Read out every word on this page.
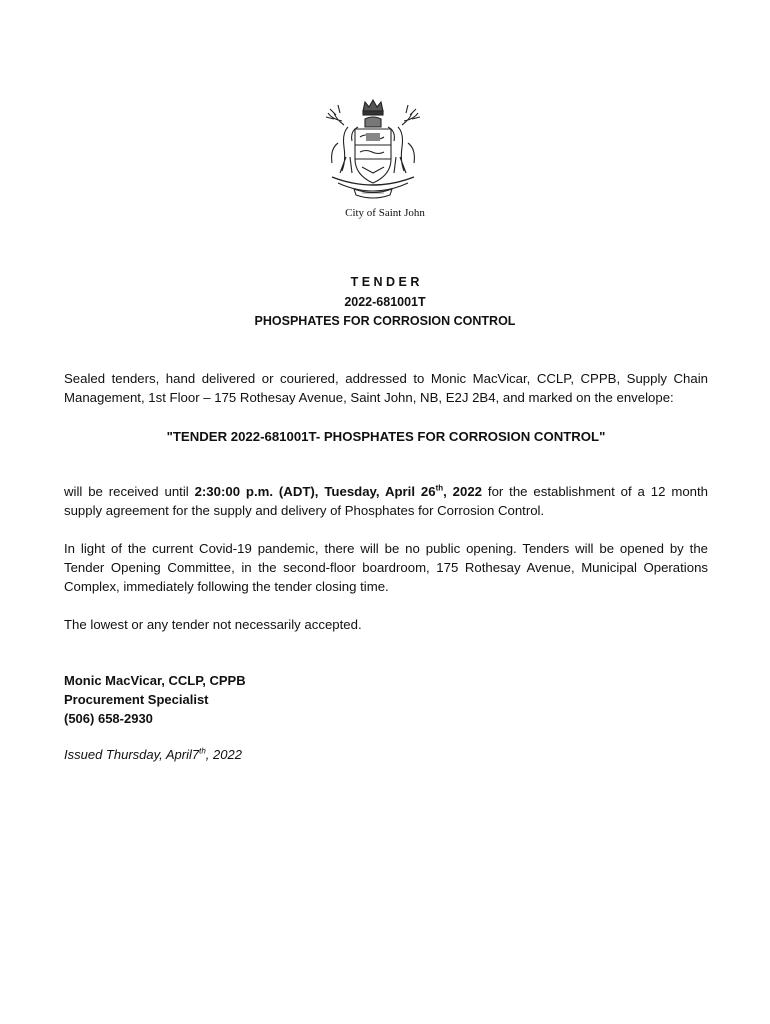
City of Saint John
T E N D E R
2022-681001T
PHOSPHATES FOR CORROSION CONTROL
Sealed tenders, hand delivered or couriered, addressed to Monic MacVicar, CCLP, CPPB, Supply Chain
Management, 1st Floor – 175 Rothesay Avenue, Saint John, NB, E2J 2B4, and marked on the envelope:
"TENDER 2022-681001T- PHOSPHATES FOR CORROSION CONTROL"
will be received until 2:30:00 p.m. (ADT), Tuesday, April 26th, 2022 for the establishment of a 12 month
supply agreement for the supply and delivery of Phosphates for Corrosion Control.
In light of the current Covid-19 pandemic, there will be no public opening. Tenders will be opened by the
Tender Opening Committee, in the second-floor boardroom, 175 Rothesay Avenue, Municipal Operations
Complex, immediately following the tender closing time.
The lowest or any tender not necessarily accepted.
Monic MacVicar, CCLP, CPPB
Procurement Specialist
(506) 658-2930
Issued Thursday, April7th, 2022
